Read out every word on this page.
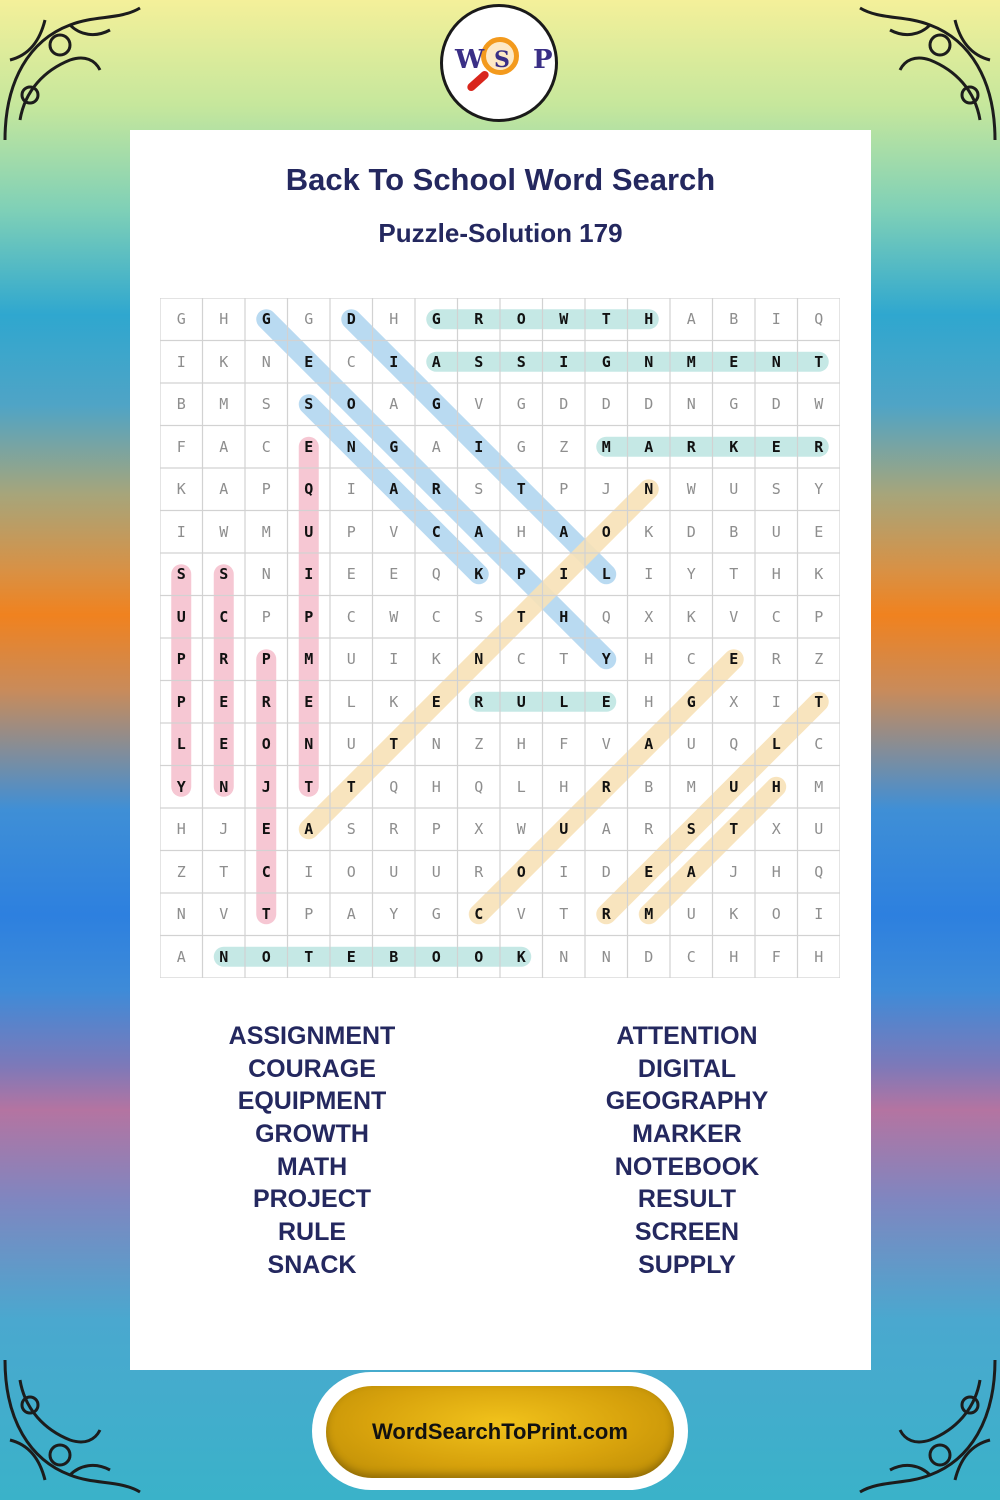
W S P
Back To School Word Search
Puzzle-Solution 179
G	H	G	G	D	H	G	R	O	W	T	H	A	B	I	Q
I	K	N	E	C	I	A	S	S	I	G	N	M	E	N	T
B	M	S	S	O	A	G	V	G	D	D	D	N	G	D	W
F	A	C	E	N	G	A	I	G	Z	M	A	R	K	E	R
K	A	P	Q	I	A	R	S	T	P	J	N	W	U	S	Y
I	W	M	U	P	V	C	A	H	A	O	K	D	B	U	E
S	S	N	I	E	E	Q	K	P	I	L	I	Y	T	H	K
U	C	P	P	C	W	C	S	T	H	Q	X	K	V	C	P
P	R	P	M	U	I	K	N	C	T	Y	H	C	E	R	Z
P	E	R	E	L	K	E	R	U	L	E	H	G	X	I	T
L	E	O	N	U	T	N	Z	H	F	V	A	U	Q	L	C
Y	N	J	T	T	Q	H	Q	L	H	R	B	M	U	H	M
H	J	E	A	S	R	P	X	W	U	A	R	S	T	X	U
Z	T	C	I	O	U	U	R	O	I	D	E	A	J	H	Q
N	V	T	P	A	Y	G	C	V	T	R	M	U	K	O	I
A	N	O	T	E	B	O	O	K	N	N	D	C	H	F	H
ASSIGNMENT
COURAGE
EQUIPMENT
GROWTH
MATH
PROJECT
RULE
SNACK
ATTENTION
DIGITAL
GEOGRAPHY
MARKER
NOTEBOOK
RESULT
SCREEN
SUPPLY
WordSearchToPrint.com
